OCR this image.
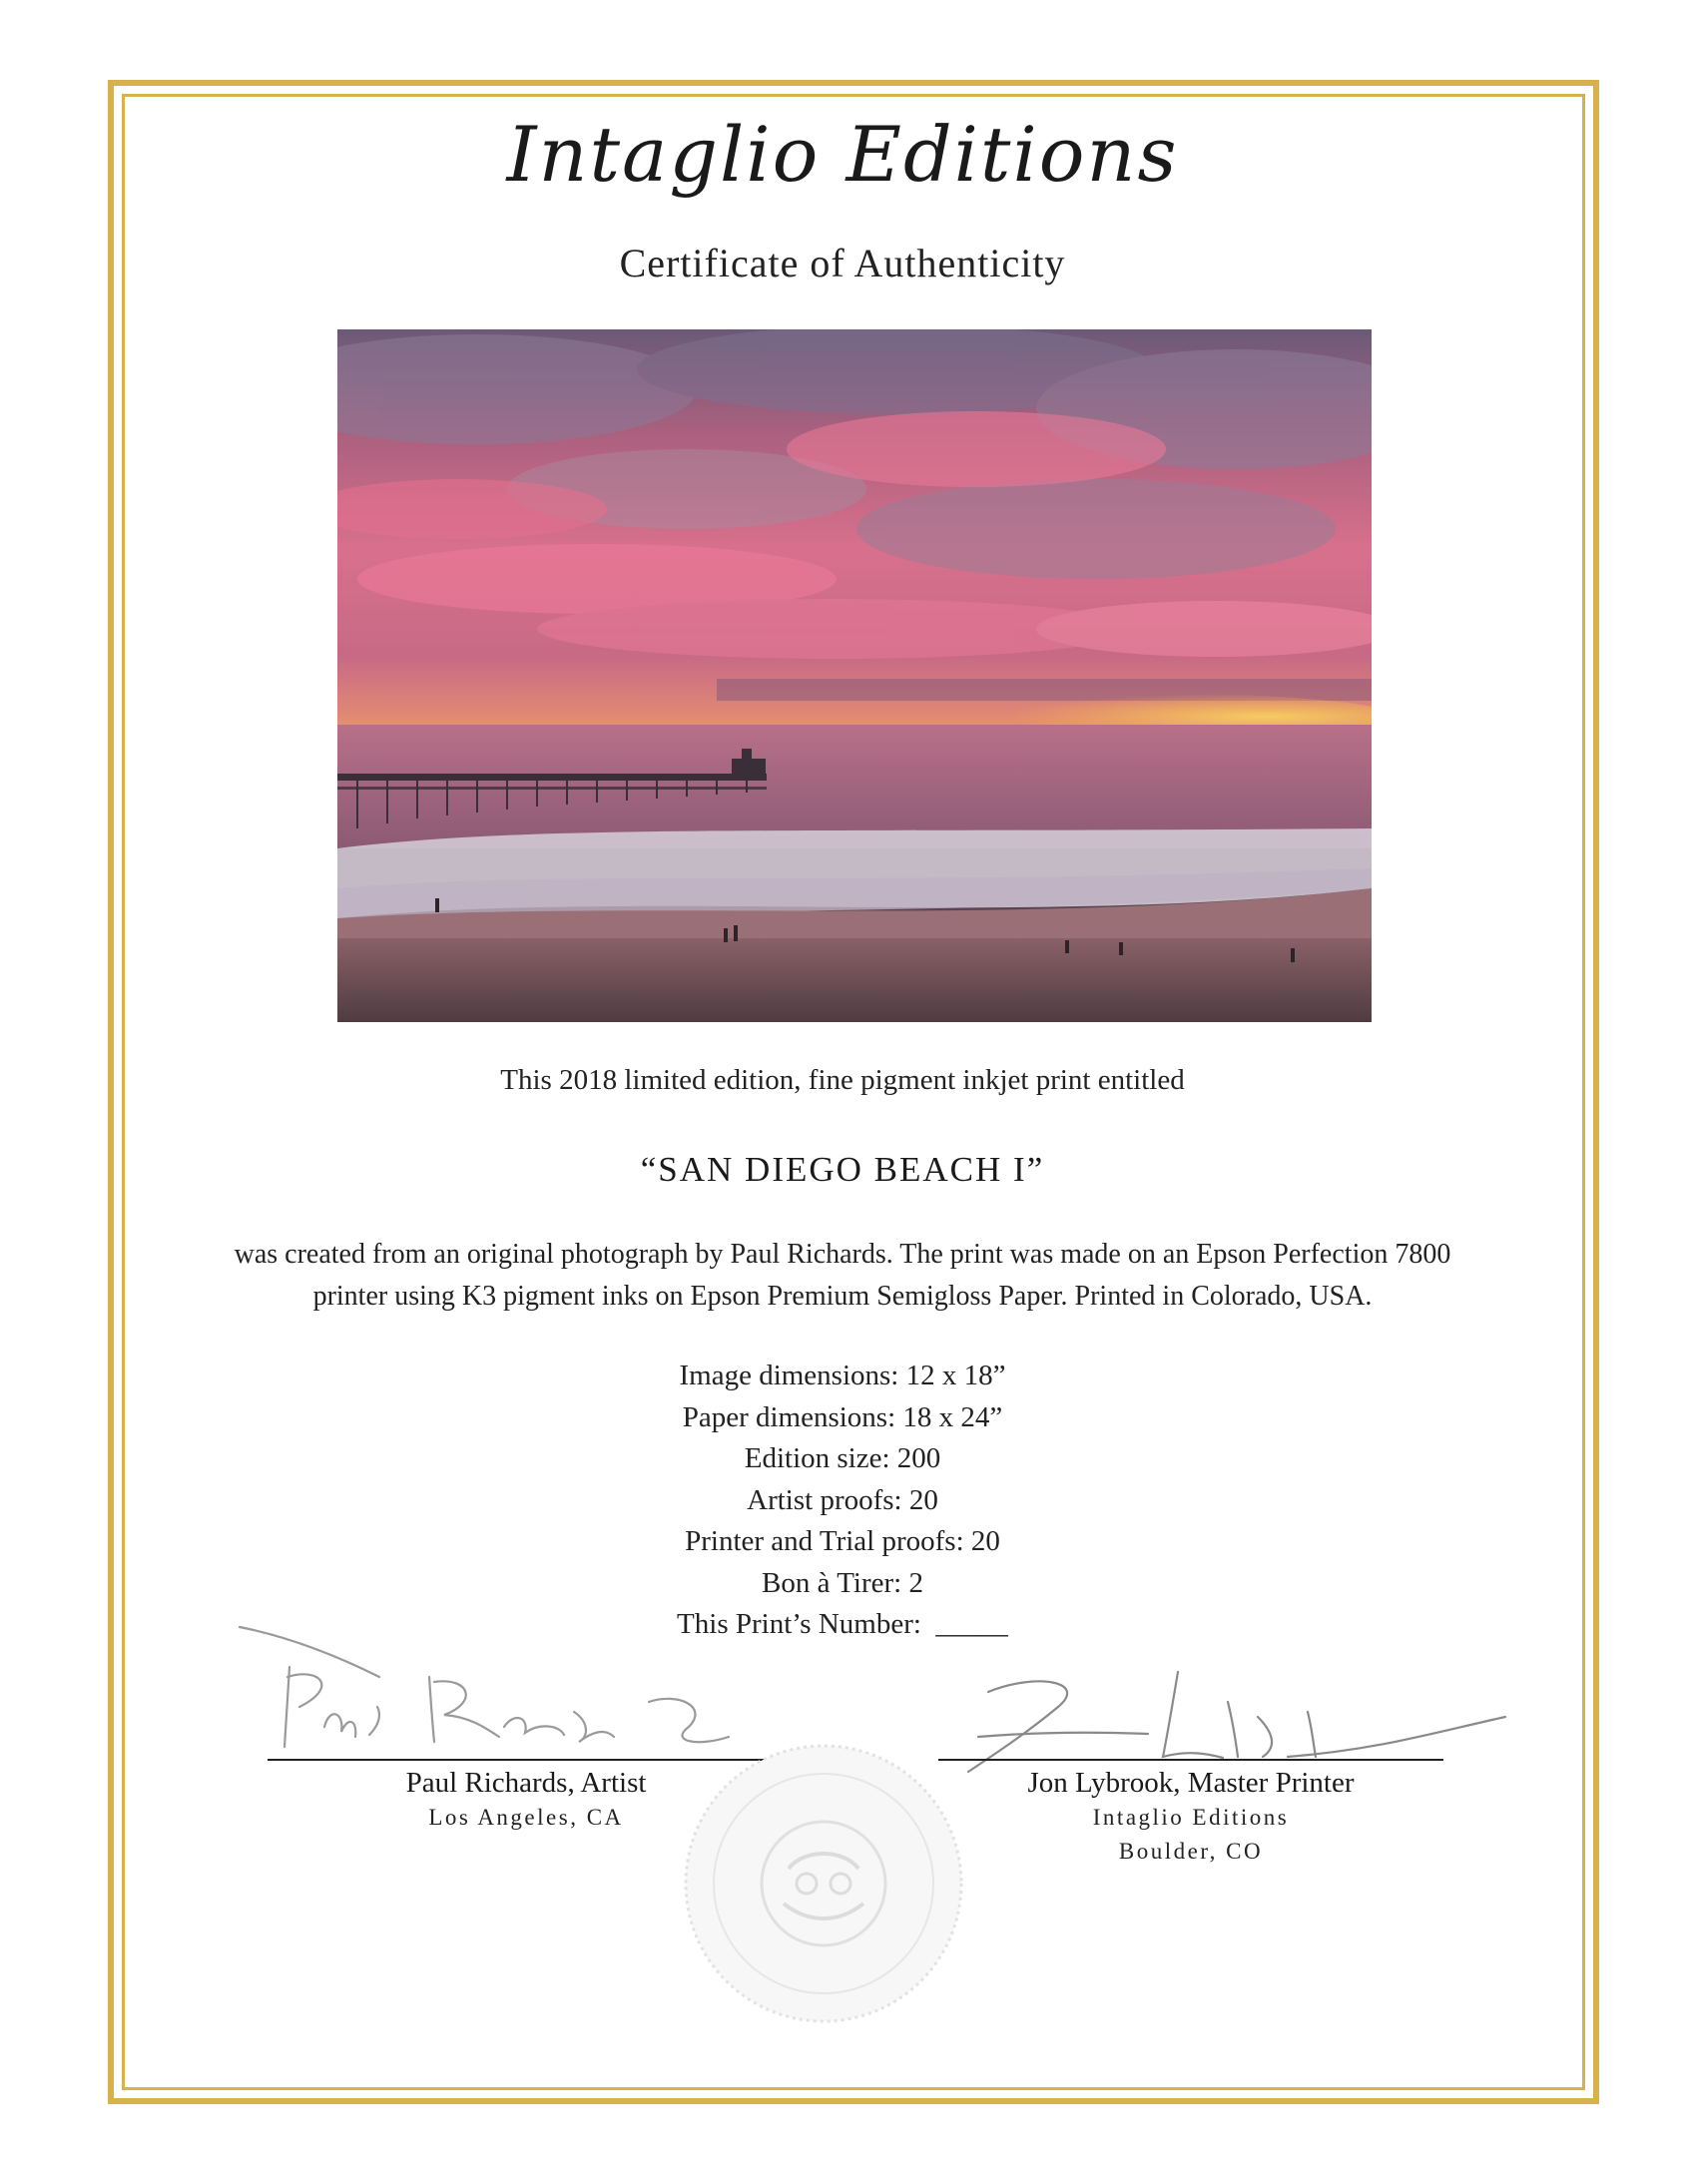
Intaglio Editions
Certificate of Authenticity
This 2018 limited edition, fine pigment inkjet print entitled
“SAN DIEGO BEACH I”
was created from an original photograph by Paul Richards. The print was made on an Epson Perfection 7800
printer using K3 pigment inks on Epson Premium Semigloss Paper. Printed in Colorado, USA.
Image dimensions: 12 x 18”
Paper dimensions: 18 x 24”
Edition size: 200
Artist proofs: 20
Printer and Trial proofs: 20
Bon à Tirer: 2
This Print’s Number:  _____
Paul Richards, Artist
Los Angeles, CA
Jon Lybrook, Master Printer
Intaglio Editions
Boulder, CO
